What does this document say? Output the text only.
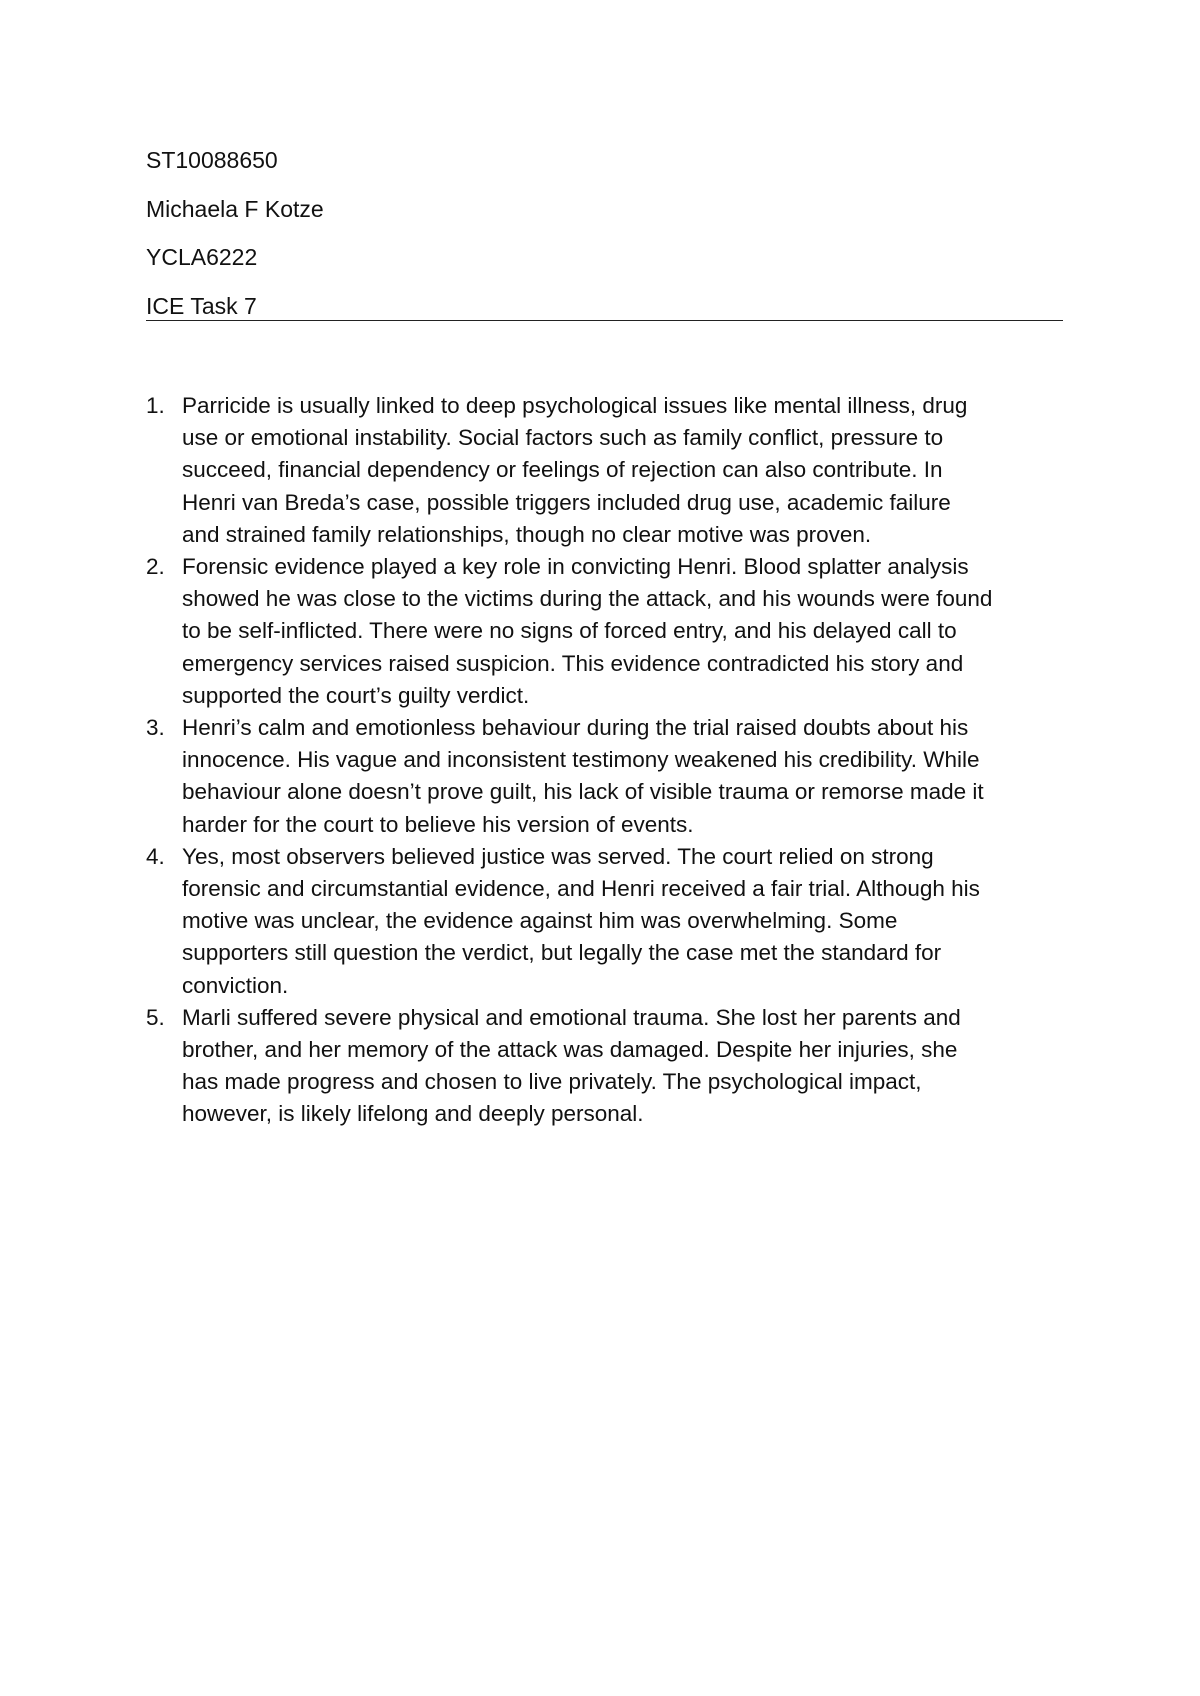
ST10088650
Michaela F Kotze
YCLA6222
ICE Task 7
1. Parricide is usually linked to deep psychological issues like mental illness, drug
use or emotional instability. Social factors such as family conflict, pressure to
succeed, financial dependency or feelings of rejection can also contribute. In
Henri van Breda’s case, possible triggers included drug use, academic failure
and strained family relationships, though no clear motive was proven.
2. Forensic evidence played a key role in convicting Henri. Blood splatter analysis
showed he was close to the victims during the attack, and his wounds were found
to be self-inflicted. There were no signs of forced entry, and his delayed call to
emergency services raised suspicion. This evidence contradicted his story and
supported the court’s guilty verdict.
3. Henri’s calm and emotionless behaviour during the trial raised doubts about his
innocence. His vague and inconsistent testimony weakened his credibility. While
behaviour alone doesn’t prove guilt, his lack of visible trauma or remorse made it
harder for the court to believe his version of events.
4. Yes, most observers believed justice was served. The court relied on strong
forensic and circumstantial evidence, and Henri received a fair trial. Although his
motive was unclear, the evidence against him was overwhelming. Some
supporters still question the verdict, but legally the case met the standard for
conviction.
5. Marli suffered severe physical and emotional trauma. She lost her parents and
brother, and her memory of the attack was damaged. Despite her injuries, she
has made progress and chosen to live privately. The psychological impact,
however, is likely lifelong and deeply personal.
